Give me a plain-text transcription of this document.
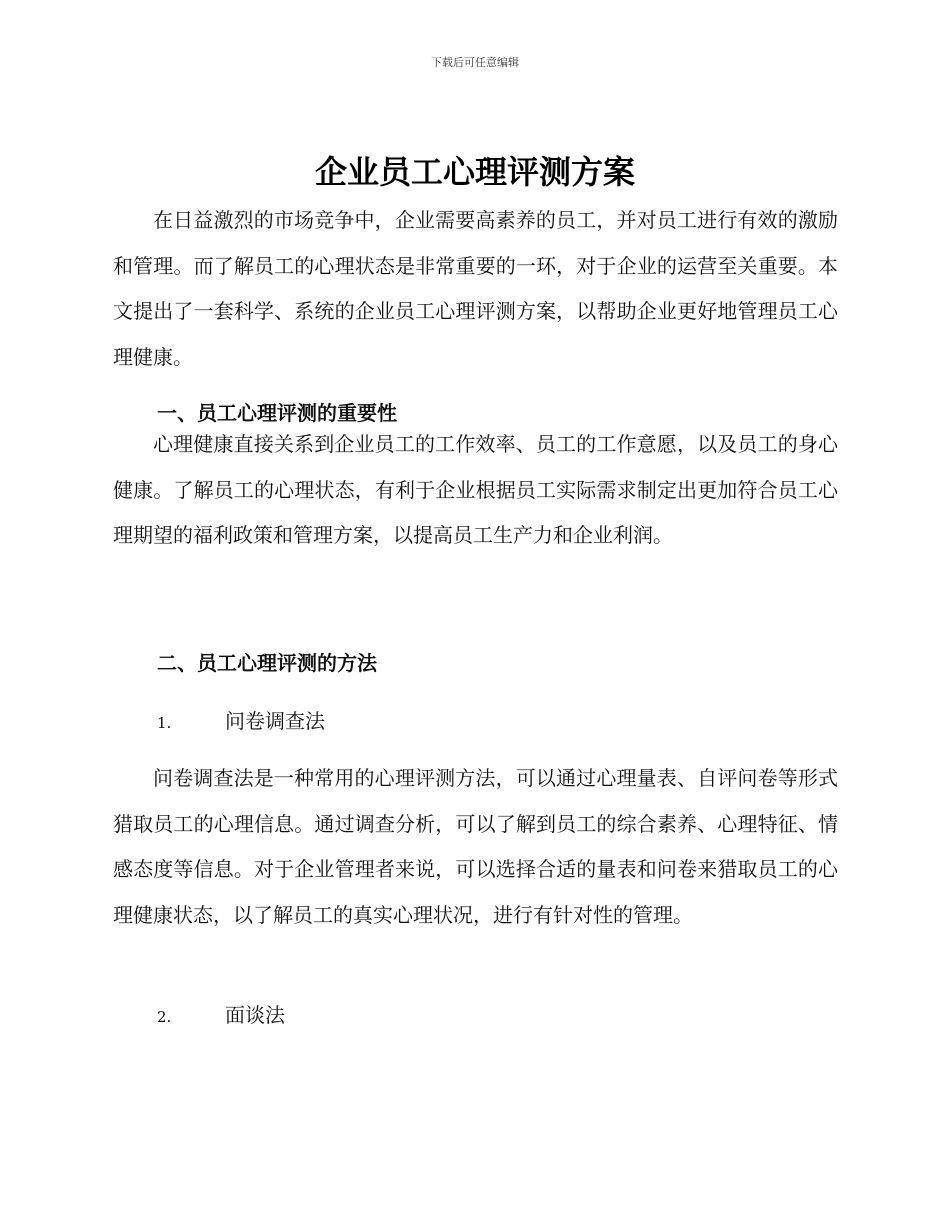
下载后可任意编辑
企业员工心理评测方案

在日益激烈的市场竞争中，企业需要高素养的员工，并对员工进行有效的激励和管理。而了解员工的心理状态是非常重要的一环，对于企业的运营至关重要。本文提出了一套科学、系统的企业员工心理评测方案，以帮助企业更好地管理员工心理健康。

一、员工心理评测的重要性

心理健康直接关系到企业员工的工作效率、员工的工作意愿，以及员工的身心健康。了解员工的心理状态，有利于企业根据员工实际需求制定出更加符合员工心理期望的福利政策和管理方案，以提高员工生产力和企业利润。

二、员工心理评测的方法
1.	问卷调查法

问卷调查法是一种常用的心理评测方法，可以通过心理量表、自评问卷等形式猎取员工的心理信息。通过调查分析，可以了解到员工的综合素养、心理特征、情感态度等信息。对于企业管理者来说，可以选择合适的量表和问卷来猎取员工的心理健康状态，以了解员工的真实心理状况，进行有针对性的管理。

2.	面谈法
